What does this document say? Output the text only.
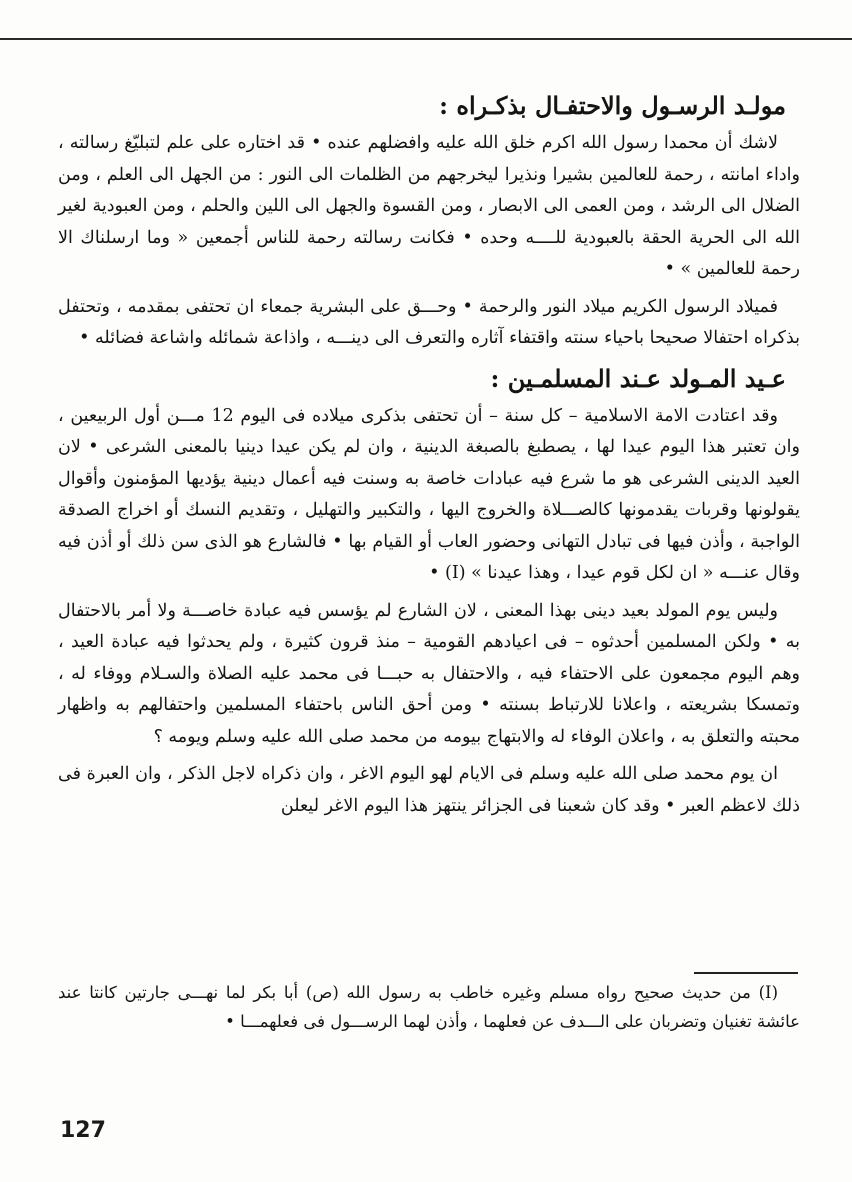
مولـد الرسـول والاحتفـال بذكـراه :

لاشك أن محمدا رسول الله اكرم خلق الله عليه وافضلهم عنده • قد اختاره على علم لتبليّغ رسالته ، واداء امانته ، رحمة للعالمين بشيرا ونذيرا ليخرجهم من الظلمات الى النور : من الجهل الى العلم ، ومن الضلال الى الرشد ، ومن العمى الى الابصار ، ومن القسوة والجهل الى اللين والحلم ، ومن العبودية لغير الله الى الحرية الحقة بالعبودية للــــه وحده • فكانت رسالته رحمة للناس أجمعين « وما ارسلناك الا رحمة للعالمين » •

فميلاد الرسول الكريم ميلاد النور والرحمة • وحـــق على البشرية جمعاء ان تحتفى بمقدمه ، وتحتفل بذكراه احتفالا صحيحا باحياء سنته واقتفاء آثاره والتعرف الى دينـــه ، واذاعة شمائله واشاعة فضائله •

عـيد المـولد عـند المسلمـين :

وقد اعتادت الامة الاسلامية – كل سنة – أن تحتفى بذكرى ميلاده فى اليوم 12 مـــن أول الربيعين ، وان تعتبر هذا اليوم عيدا لها ، يصطبغ بالصبغة الدينية ، وان لم يكن عيدا دينيا بالمعنى الشرعى • لان العيد الدينى الشرعى هو ما شرع فيه عبادات خاصة به وسنت فيه أعمال دينية يؤديها المؤمنون وأقوال يقولونها وقربات يقدمونها كالصـــلاة والخروج اليها ، والتكبير والتهليل ، وتقديم النسك أو اخراج الصدقة الواجبة ، وأذن فيها فى تبادل التهانى وحضور العاب أو القيام بها • فالشارع هو الذى سن ذلك أو أذن فيه وقال عنـــه « ان لكل قوم عيدا ، وهذا عيدنا » (I) •

وليس يوم المولد بعيد دينى بهذا المعنى ، لان الشارع لم يؤسس فيه عبادة خاصـــة ولا أمر بالاحتفال به • ولكن المسلمين أحدثوه – فى اعيادهم القومية – منذ قرون كثيرة ، ولم يحدثوا فيه عبادة العيد ، وهم اليوم مجمعون على الاحتفاء فيه ، والاحتفال به حبـــا فى محمد عليه الصلاة والسـلام ووفاء له ، وتمسكا بشريعته ، واعلانا للارتباط بسنته • ومن أحق الناس باحتفاء المسلمين واحتفالهم به واظهار محبته والتعلق به ، واعلان الوفاء له والابتهاج بيومه من محمد صلى الله عليه وسلم ويومه ؟

ان يوم محمد صلى الله عليه وسلم فى الايام لهو اليوم الاغر ، وان ذكراه لاجل الذكر ، وان العبرة فى ذلك لاعظم العبر • وقد كان شعبنا فى الجزائر ينتهز هذا اليوم الاغر ليعلن

(I) من حديث صحيح رواه مسلم وغيره خاطب به رسول الله (ص) أبا بكر لما نهـــى جارتين كانتا عند عائشة تغنيان وتضربان على الـــدف عن فعلهما ، وأذن لهما الرســـول فى فعلهمـــا •

127
